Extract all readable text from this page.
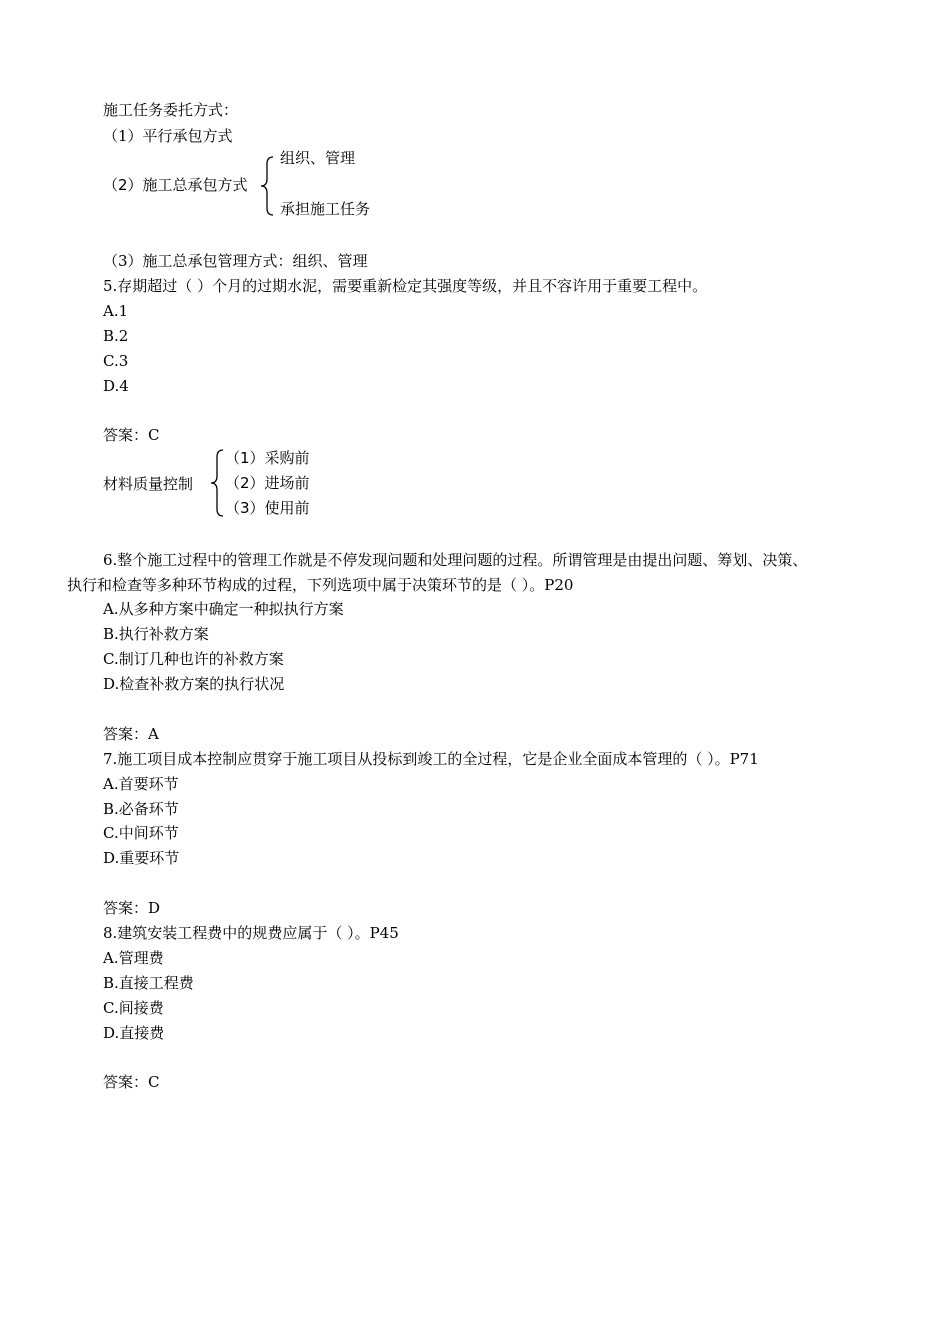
施工任务委托方式：
（1）平行承包方式
（2）施工总承包方式
组织、管理
承担施工任务
（3）施工总承包管理方式：组织、管理
5.存期超过（ ）个月的过期水泥，需要重新检定其强度等级，并且不容许用于重要工程中。
A.1
B.2
C.3
D.4
答案：C
材料质量控制
（1）采购前
（2）进场前
（3）使用前
6.整个施工过程中的管理工作就是不停发现问题和处理问题的过程。所谓管理是由提出问题、筹划、决策、
执行和检查等多种环节构成的过程，下列选项中属于决策环节的是（ ）。P20
A.从多种方案中确定一种拟执行方案
B.执行补救方案
C.制订几种也许的补救方案
D.检查补救方案的执行状况
答案：A
7.施工项目成本控制应贯穿于施工项目从投标到竣工的全过程，它是企业全面成本管理的（ ）。P71
A.首要环节
B.必备环节
C.中间环节
D.重要环节
答案：D
8.建筑安装工程费中的规费应属于（ ）。P45
A.管理费
B.直接工程费
C.间接费
D.直接费
答案：C
